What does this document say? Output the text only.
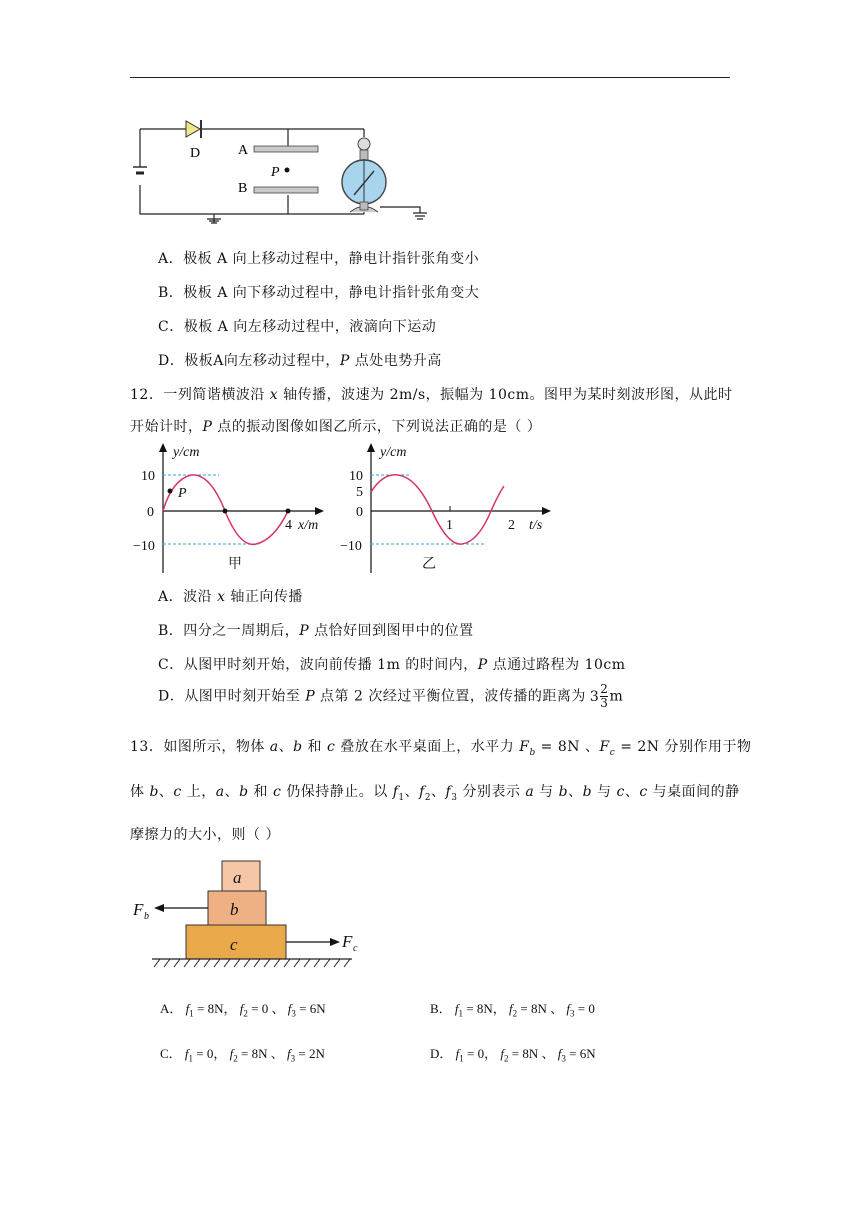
D	A
B
P
A．极板 A 向上移动过程中，静电计指针张角变小
B．极板 A 向下移动过程中，静电计指针张角变大
C．极板 A 向左移动过程中，液滴向下运动
D．极板A向左移动过程中，P 点处电势升高
12．一列简谐横波沿 x 轴传播，波速为 2m/s，振幅为 10cm。图甲为某时刻波形图，从此时
开始计时，P 点的振动图像如图乙所示，下列说法正确的是（ ）
y/cm
P
10
0
−10
4 x/m
甲
y/cm
10
5
0
−10
1	2 t/s
乙
A．波沿 x 轴正向传播
B．四分之一周期后，P 点恰好回到图甲中的位置
C．从图甲时刻开始，波向前传播 1m 的时间内，P 点通过路程为 10cm
D．从图甲时刻开始至 P 点第 2 次经过平衡位置，波传播的距离为 $3 \frac{2}{3}$ m
13．如图所示，物体 a、b 和 c 叠放在水平桌面上，水平力 $F_b = 8N$ 、$F_c = 2N$ 分别作用于物
体 b、c 上，a、b 和 c 仍保持静止。以 $f_1$、$f_2$、$f_3$ 分别表示 a 与 b、b 与 c、c 与桌面间的静
摩擦力的大小，则（ ）
a
b
c
F b
F c
A． $f_1 = 8N$， $f_2 = 0$ 、 $f_3 = 6N$	B． $f_1 = 8N$， $f_2 = 8N$ 、 $f_3 = 0$
C． $f_1 = 0$， $f_2 = 8N$ 、 $f_3 = 2N$	D． $f_1 = 0$， $f_2 = 8N$ 、 $f_3 = 6N$
